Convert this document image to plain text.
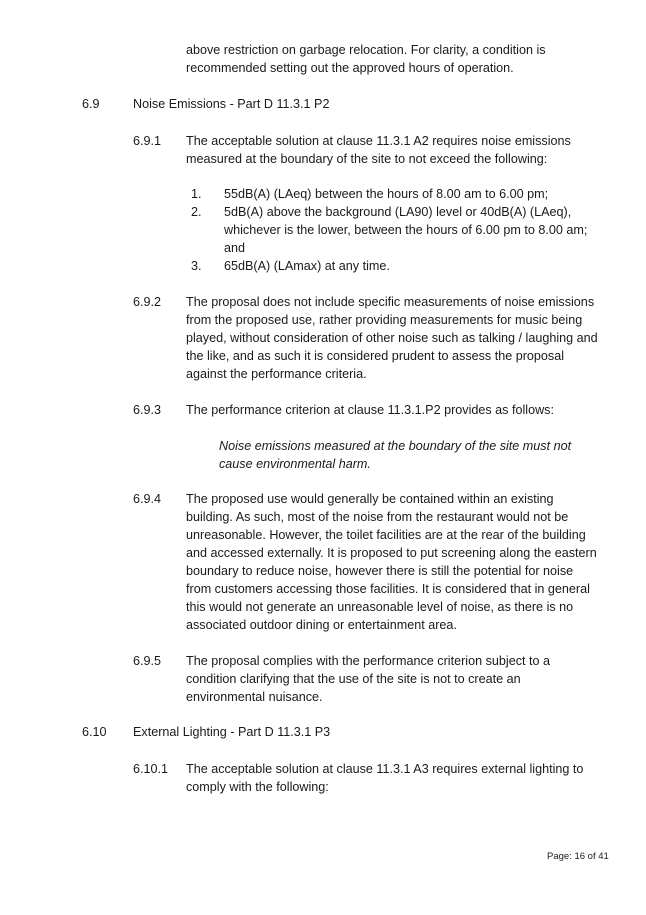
above restriction on garbage relocation. For clarity, a condition is
recommended setting out the approved hours of operation.
6.9	Noise Emissions - Part D 11.3.1 P2
6.9.1 The acceptable solution at clause 11.3.1 A2 requires noise emissions
measured at the boundary of the site to not exceed the following:
1. 55dB(A) (LAeq) between the hours of 8.00 am to 6.00 pm;
2. 5dB(A) above the background (LA90) level or 40dB(A) (LAeq),
whichever is the lower, between the hours of 6.00 pm to 8.00 am;
and
3. 65dB(A) (LAmax) at any time.
6.9.2 The proposal does not include specific measurements of noise emissions
from the proposed use, rather providing measurements for music being
played, without consideration of other noise such as talking / laughing and
the like, and as such it is considered prudent to assess the proposal
against the performance criteria.
6.9.3 The performance criterion at clause 11.3.1.P2 provides as follows:
Noise emissions measured at the boundary of the site must not
cause environmental harm.
6.9.4 The proposed use would generally be contained within an existing
building. As such, most of the noise from the restaurant would not be
unreasonable. However, the toilet facilities are at the rear of the building
and accessed externally. It is proposed to put screening along the eastern
boundary to reduce noise, however there is still the potential for noise
from customers accessing those facilities. It is considered that in general
this would not generate an unreasonable level of noise, as there is no
associated outdoor dining or entertainment area.
6.9.5 The proposal complies with the performance criterion subject to a
condition clarifying that the use of the site is not to create an
environmental nuisance.
6.10 External Lighting - Part D 11.3.1 P3
6.10.1 The acceptable solution at clause 11.3.1 A3 requires external lighting to
comply with the following:
Page: 16 of 41
